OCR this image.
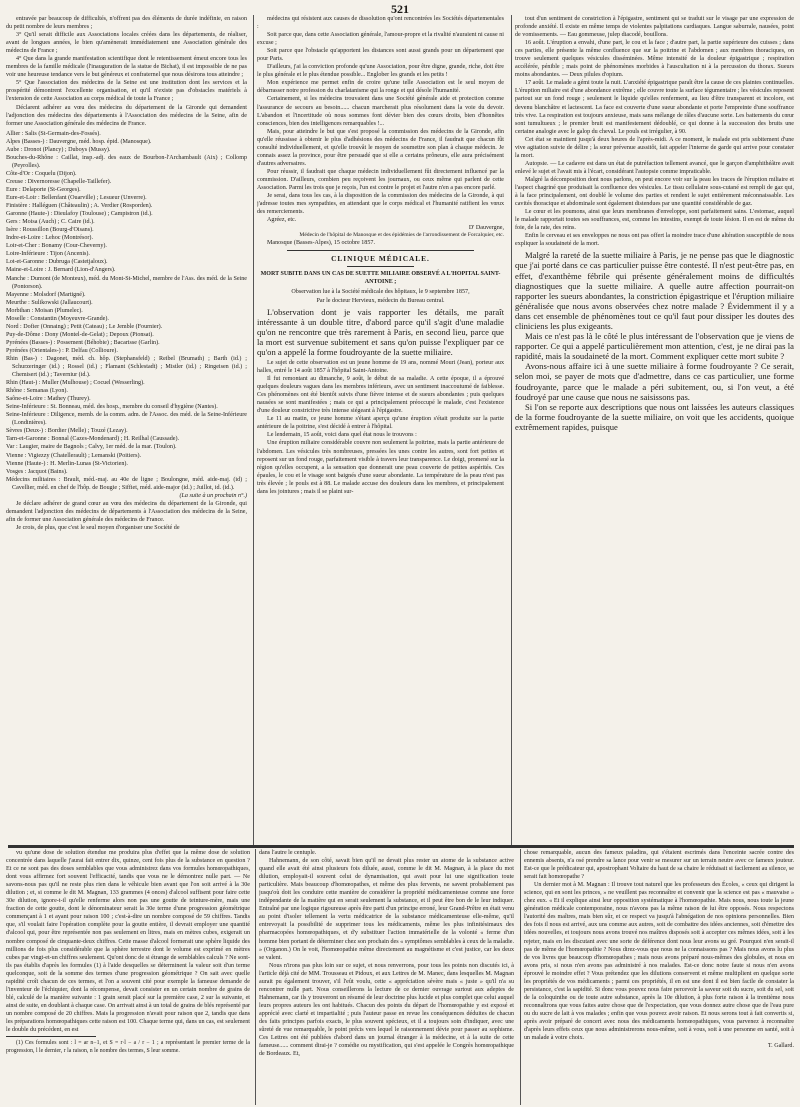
521

entravée par beaucoup de difficultés, n'offrent pas des éléments de durée indéfinie, en raison du petit nombre de leurs membres ;

3° Qu'il serait difficile aux Associations locales créées dans les départements, de réaliser, avant de longues années, le bien qu'amènerait immédiatement une Association générale des médecins de France ;

4° Que dans la grande manifestation scientifique dont le retentissement émeut encore tous les membres de la famille médicale (l'inauguration de la statue de Bichat), il est impossible de ne pas voir une heureuse tendance vers le but généreux et confraternel que nous désirons tous atteindre ;

5° Que l'association des médecins de la Seine est une institution dont les services et la prospérité démontrent l'excellente organisation, et qu'il n'existe pas d'obstacles matériels à l'extension de cette Association au corps médical de toute la France ;

Déclarent adhérer au vœu des médecins du département de la Gironde qui demandent l'adjonction des médecins des départements à l'Association des médecins de la Seine, afin de former une Association générale des médecins de France.

Allier : Salis (St-Germain-des-Fossés).

Alpes (Basses-) : Dauvergne, méd. hosp. épid. (Manosque).

Aube : Dronot (Plancy) ; Duboys (Mussy).

Bouches-du-Rhône : Caillat, insp.-adj. des eaux de Bourbon-l'Archambault (Aix) ; Collomp (Peyrolles).

Côte-d'Or : Coquelu (Dijon).

Creuse : Divernoresse (Chapelle-Taillefer).

Eure : Delaporte (St-Georges).

Eure-et-Loir : Bellenfant (Ouarville) ; Lesueur (Unverre).

Finistère : Halléguen (Châteaulin) ; A. Verdier (Rosporden).

Garonne (Haute-) : Dieulafoy (Toulouse) ; Campistron (id.).

Gers : Moisa (Auch) ; C. Caire (id.).

Isère : Roussillon (Bourg-d'Oisans).

Indre-et-Loire : Lehoc (Montrésor).

Loir-et-Cher : Bonamy (Cour-Cheverny).

Loire-Inférieure : Tijon (Ancenis).

Lot-et-Garonne : Dubruga (Castetjaloux).

Maine-et-Loire : J. Bernard (Lion-d'Angers).

Manche : Dumont (de Monteux), méd. du Mont-St-Michel, membre de l'Ass. des méd. de la Seine (Pontorson).

Mayenne : Molsdorf (Martigné).

Meurthe : Sulikowski (Jallaucourt).

Morbihan : Moisan (Plumelec).

Moselle : Constantin (Moyeuvre-Grande).

Nord : Dofier (Onnaing) ; Petit (Cateau) ; Le Jemble (Fournier).

Puy-de-Dôme : Dony (Montel-de-Gelat) ; Depoux (Pionsat).

Pyrénées (Basses-) : Possement (Béhobie) ; Bacarisse (Garlin).

Pyrénées (Orientales-) : P. Delfau (Collioure).

Rhin (Bas-) : Dagonet, méd. ch. hôp. (Stephansfeld) ; Reibel (Brumath) ; Barth (id.) ; Schurzeringer (id.) ; Rossel (id.) ; Flamant (Schlestadt) ; Mistler (id.) ; Ringeisen (id.) ; Chemisert (id.) ; Taverniur (id.).

Rhin (Haut-) : Muller (Mulhouse) ; Cocuel (Wesserling).

Rhône : Semanas (Lyon).

Saône-et-Loire : Mathey (Thurey).

Seine-Inférieure : St. Bonneau, méd. des hosp., membre du conseil d'hygiène (Nantes).

Seine-Inférieure : Diligence, memb. de la comm. adm. de l'Assoc. des méd. de la Seine-Inférieure (Londinières).

Sèvres (Deux-) : Bordier (Melle) ; Touzé (Lezay).

Tarn-et-Garonne : Bonnal (Cazes-Mondenard) ; H. Reilhal (Caussade).

Var : Laugier, maire de Bagnols ; Calvy, 1er méd. de la mar. (Toulon).

Vienne : Vigiezzy (Chatellerault) ; Lemanski (Poitiers).

Vienne (Haute-) : H. Merlin-Lunas (St-Victorien).

Vosges : Jacquot (Bains).

Médecins militaires : Brault, méd.-maj. au 40e de ligne ; Boulongne, méd. aide-maj. (id) ; Cavellier, méd. en chef de l'hôp. de Bougie ; Siffiet, méd. aide-major (id.) ; Juillot, id. (id.).

(La suite à un prochain n°.)

Je déclare adhérer de grand cœur au vœu des médecins du département de la Gironde, qui demandent l'adjonction des médecins de départements à l'Association des médecins de la Seine, afin de former une Association générale des médecins de France.

Je crois, de plus, que c'est le seul moyen d'organiser une Société de

médecins qui résistent aux causes de dissolution qu'ont rencontrées les Sociétés départementales :

Soit parce que, dans cette Association générale, l'amour-propre et la rivalité n'auraient ni cause ni excuse ;

Soit parce que l'obstacle qu'apportent les distances sont aussi grands pour un département que pour Paris.

D'ailleurs, j'ai la conviction profonde qu'une Association, pour être digne, grande, riche, doit être le plus générale et le plus étendue possible... Englober les grands et les petits !

Mon expérience me permet enfin de croire qu'une telle Association est le seul moyen de débarrasser notre profession du charlatanisme qui la ronge et qui désole l'humanité.

Certainement, si les médecins trouvaient dans une Société générale aide et protection comme l'assurance de secours au besoin...... chacun marcherait plus résolument dans la voie du devoir. L'abandon et l'incertitude où nous sommes font dévier bien des cœurs droits, bien d'honnêtes consciences, bien des intelligences remarquables !...

Mais, pour atteindre le but que s'est proposé la commission des médecins de la Gironde, afin qu'elle réussisse à obtenir le plus d'adhésions des médecins de France, il faudrait que chacun fût consulté individuellement, et qu'elle trouvât le moyen de soumettre son plan à chaque médecin. Je connais assez la province, pour être persuadé que si elle a certains prôneurs, elle aura précisément d'autres adversaires.

Pour réussir, il faudrait que chaque médecin individuellement fût directement influencé par la commission. D'ailleurs, combien peu reçoivent les journaux, ou ceux même qui parlent de cette Association. Parmi les trois que je reçois, l'un est contre le projet et l'autre n'en a pas encore parlé.

Je serai, dans tous les cas, à la disposition de la commission des médecins de la Gironde, à qui j'adresse toutes mes sympathies, en attendant que le corps médical et l'humanité ratifient les vœux des remerciements.

Agréez, etc.

D' Dauvergne,

Médecin de l'hôpital de Manosque et des épidémies de l'arrondissement de Forcalquier, etc.

Manosque (Basses-Alpes), 15 octobre 1857.

CLINIQUE MÉDICALE.
MORT SUBITE DANS UN CAS DE SUETTE MILIAIRE OBSERVÉ A L'HOPITAL SAINT-ANTOINE ;

Observation lue à la Société médicale des hôpitaux, le 9 septembre 1857,

Par le docteur Hervieux, médecin du Bureau central.

L'observation dont je vais rapporter les détails, me paraît intéressante à un double titre, d'abord parce qu'il s'agit d'une maladie qu'on ne rencontre que très rarement à Paris, en second lieu, parce que la mort est survenue subitement et sans qu'on puisse l'expliquer par ce qu'on a appelé la forme foudroyante de la suette miliaire.

Le sujet de cette observation est un jeune homme de 19 ans, nommé Mouri (Jean), porteur aux halles, entré le 14 août 1857 à l'hôpital Saint-Antoine.

Il fut remontant au dimanche, 9 août, le début de sa maladie. A cette époque, il a éprouvé quelques douleurs vagues dans les membres inférieurs, avec un sentiment inaccoutumé de faiblesse. Ces phénomènes ont été bientôt suivis d'une fièvre intense et de sueurs abondantes ; puis quelques nausées se sont manifestées ; mais ce qui a principalement préoccupé le malade, c'est l'existence d'une douleur constrictive très intense siégeant à l'épigastre.

Le 11 au matin, ce jeune homme s'étant aperçu qu'une éruption s'était produite sur la partie antérieure de la poitrine, s'est décidé à entrer à l'hôpital.

Le lendemain, 15 août, voici dans quel état nous le trouvons :

Une éruption miliaire considérable couvre non seulement la poitrine, mais la partie antérieure de l'abdomen. Les vésicules très nombreuses, pressées les unes contre les autres, sont fort petites et reposent sur un fond rouge, parfaitement visible à travers leur transparence. Le doigt, promené sur la région qu'elles occupent, a la sensation que donnerait une peau couverte de petites aspérités. Ces épaules, le cou et le visage sont baignés d'une sueur abondante. La température de la peau n'est pas très élevée ; le pouls est à 88. Le malade accuse des douleurs dans les membres, et principalement dans les jointures ; mais il se plaint sur-

tout d'un sentiment de constriction à l'épigastre, sentiment qui se traduit sur le visage par une expression de profonde anxiété. Il existe en même temps de violentes palpitations cardiaques. Langue saburrale, nausées, point de vomissements. — Eau gommeuse, julep diacodé, bouillons.

16 août. L'éruption a envahi, d'une part, le cou et la face ; d'autre part, la partie supérieure des cuisses ; dans ces parties, elle présente la même confluence que sur la poitrine et l'abdomen ; aux membres thoraciques, on trouve seulement quelques vésicules disséminées. Même intensité de la douleur épigastrique ; respiration accélérée, pénible ; mais point de phénomènes morbides à l'auscultation ni à la percussion du thorax. Sueurs moins abondantes. — Deux pilules d'opium.

17 août. Le malade a gémi toute la nuit. L'anxiété épigastrique paraît être la cause de ces plaintes continuelles. L'éruption miliaire est d'une abondance extrême ; elle couvre toute la surface tégumentaire ; les vésicules reposent partout sur un fond rouge ; seulement le liquide qu'elles renferment, au lieu d'être transparent et incolore, est devenu blanchâtre et lactescent. La face est couverte d'une sueur abondante et porte l'empreinte d'une souffrance très vive. La respiration est toujours anxieuse, mais sans mélange de râles d'aucune sorte. Les battements du cœur sont tumultueux ; le premier bruit est manifestement dédoublé, ce qui donne à la succession des bruits une certaine analogie avec le galop du cheval. Le pouls est irrégulier, à 90.

Cet état se maintient jusqu'à deux heures de l'après-midi. A ce moment, le malade est pris subitement d'une vive agitation suivie de délire ; la sœur prévenue aussitôt, fait appeler l'interne de garde qui arrive pour constater la mort.

Autopsie. — Le cadavre est dans un état de putréfaction tellement avancé, que le garçon d'amphithéâtre avait enlevé le sujet et l'avait mis à l'écart, considérant l'autopsie comme impraticable.

Malgré la décomposition dont nous parlons, on peut encore voir sur la peau les traces de l'éruption miliaire et l'aspect chagriné que produisait la confluence des vésicules. Le tissu cellulaire sous-cutané est rempli de gaz qui, à la face principalement, ont doublé le volume des parties et rendent le sujet entièrement méconnaissable. Les cavités thoracique et abdominale sont également distendues par une quantité considérable de gaz.

Le cœur et les poumons, ainsi que leurs membranes d'enveloppe, sont parfaitement sains. L'estomac, auquel le malade rapportait toutes ses souffrances, est, comme les intestins, exempt de toute lésion. Il en est de même du foie, de la rate, des reins.

Enfin le cerveau et ses enveloppes ne nous ont pas offert la moindre trace d'une altération susceptible de nous expliquer la soudaineté de la mort.

Malgré la rareté de la suette miliaire à Paris, je ne pense pas que le diagnostic que j'ai porté dans ce cas particulier puisse être contesté. Il n'est peut-être pas, en effet, d'exanthème fébrile qui présente généralement moins de difficultés diagnostiques que la suette miliaire. A quelle autre affection pourrait-on rapporter les sueurs abondantes, la constriction épigastrique et l'éruption miliaire généralisée que nous avons observées chez notre malade ? Évidemment il y a dans cet ensemble de phénomènes tout ce qu'il faut pour dissiper les doutes des cliniciens les plus exigeants.

Mais ce n'est pas là le côté le plus intéressant de l'observation que je viens de rapporter. Ce qui a appelé particulièrement mon attention, c'est, je ne dirai pas la rapidité, mais la soudaineté de la mort. Comment expliquer cette mort subite ?

Avons-nous affaire ici à une suette miliaire à forme foudroyante ? Ce serait, selon moi, se payer de mots que d'admettre, dans ce cas particulier, une forme foudroyante, parce que le malade a péri subitement, ou, si l'on veut, a été foudroyé par une cause que nous ne saisissons pas.

Si l'on se reporte aux descriptions que nous ont laissées les auteurs classiques de la forme foudroyante de la suette miliaire, on voit que les accidents, quoique extrêmement rapides, puisque

vu qu'une dose de solution étendue me produira plus d'effet que la même dose de solution concentrée dans laquelle j'aurai fait entrer dix, quinze, cent fois plus de la substance en question ? Et ce ne sont pas des doses semblables que vous administrez dans vos formules homœopathiques, dont vous affirmez fort souvent l'efficacité, tandis que vous ne le démontrez nulle part. — Ne savons-nous pas qu'il ne reste plus rien dans le véhicule bien avant que l'on soit arrivé à la 30e dilution ; et, si comme le dit M. Magnan, 133 grammes (4 onces) d'alcool suffisent pour faire cette 30e dilution, ignore-t-il qu'elle renferme alors non pas une goutte de teinture-mère, mais une fraction de cette goutte, dont le dénominateur serait la 30e terme d'une progression géométrique commençant à 1 et ayant pour raison 100 ; c'est-à-dire un nombre composé de 59 chiffres. Tandis que, s'il voulait faire l'opération complète pour la goutte entière, il devrait employer une quantité d'alcool qui, pour être représentée non pas seulement en litres, mais en mètres cubes, exigerait un nombre composé de cinquante-deux chiffres. Cette masse d'alcool formerait une sphère liquide des millions de fois plus considérable que la sphère terrestre dont le volume est exprimé en mètres cubes par vingt-et-un chiffres seulement. Qu'ont donc de si étrange de semblables calculs ? Ne sont-ils pas établis d'après les formules (1) à l'aide desquelles se déterminent la valeur soit d'un terme quelconque, soit de la somme des termes d'une progression géométrique ? On sait avec quelle rapidité croît chacun de ces termes, et l'on a souvent cité pour exemple la fameuse demande de l'inventeur de l'échiquier, dont la récompense, devait consister en un certain nombre de grains de blé, calculé de la manière suivante : 1 grain serait placé sur la première case, 2 sur la suivante, et ainsi de suite, en doublant à chaque case. On arrivait ainsi à un total de grains de blés représenté par un nombre composé de 20 chiffres. Mais la progression n'avait pour raison que 2, tandis que dans les préparations homœopathiques cette raison est 100. Chaque terme qui, dans un cas, est seulement le double du précédent, en est

(1) Ces formules sont : l = ar n−1, et S = r·l − a / r − 1 ; a représentant le premier terme de la progression, l le dernier, r la raison, n le nombre des termes, S leur somme.

dans l'autre le centuple.

Hahnemann, de son côté, savait bien qu'il ne devait plus rester un atome de la substance active quand elle avait été ainsi plusieurs fois diluée, aussi, comme le dit M. Magnan, à la place du mot dilution, employait-il souvent celui de dynamisation, qui avait pour lui une signification toute particulière. Mais beaucoup d'homœopathes, et même des plus fervents, ne savent probablement pas jusqu'où doit les conduire cette manière de considérer la propriété médicamenteuse comme une force indépendante de la matière qui en serait seulement la substance, et il peut être bon de le leur indiquer. Entraîné par une logique rigoureuse après être parti d'un principe erroné, leur Grand-Prêtre en était venu au point d'isoler tellement la vertu médicatrice de la substance médicamenteuse elle-même, qu'il entrevoyait la possibilité de supprimer tous les médicaments, même les plus infinitésimaux des pharmacopées homœopathiques, et d'y substituer l'action immatérielle de la volonté « ferme d'un homme bien portant de déterminer chez son prochain des « symptômes semblables à ceux de la maladie. » (Organon.) On le voit, l'homœopathie même directement au magnétisme et c'est justice, car les deux se valent.

Nous n'irons pas plus loin sur ce sujet, et nous renverrons, pour tous les points non discutés ici, à l'article déjà cité de MM. Trousseau et Pidoux, et aux Lettres de M. Manec, dans lesquelles M. Magnan aurait pu également trouver, s'il l'eût voulu, cette « appréciation sévère mais « juste » qu'il n'a su rencontrer nulle part. Nous conseillerons la lecture de ce dernier ouvrage surtout aux adeptes de Hahnemann, car ils y trouveront un résumé de leur doctrine plus lucide et plus complet que celui auquel leurs propres auteurs les ont habitués. Chacun des points du départ de l'homœopathie y est exposé et apprécié avec clarté et impartialité ; puis l'auteur passe en revue les conséquences déduites de chacun des faits principes parfois exacts, le plus souvent spécieux, et il a toujours soin d'indiquer, avec une sûreté de vue remarquable, le point précis vers lequel le raisonnement dévie pour passer au sophisme. Ces Lettres ont été publiées d'abord dans un journal étranger à la médecine, et à la suite de cette fameuse...... comment dirai-je ? comédie ou mystification, qui s'est appelée le Congrès homœopathique de Bordeaux. Et,

chose remarquable, aucun des fameux paladins, qui s'étaient escrimés dans l'enceinte sacrée contre des ennemis absents, n'a osé prendre sa lance pour venir se mesurer sur un terrain neutre avec ce fameux jouteur. Est-ce que le prédicateur qui, apostrophant Voltaire du haut de sa chaire le réduisait si facilement au silence, se serait fait homœopathe ?

Un dernier mot à M. Magnan : Il trouve tout naturel que les professeurs des Écoles, « ceux qui dirigent la science, qui en sont les princes, » ne veuillent pas reconnaître et convenir que la science est pas « mauvaise » chez eux. « Et il explique ainsi leur opposition systématique à l'homœopathie. Mais nous, nous toute la jeune génération médicale contemporaine, nous n'avons pas la même raison de lui être opposés. Nous respectons l'autorité des maîtres, mais bien sûr, et ce respect va jusqu'à l'abnégation de nos opinions personnelles. Bien des fois il nous est arrivé, aux uns comme aux autres, soit de combattre des idées anciennes, soit d'émettre des idées nouvelles, et toujours nous avons trouvé nos maîtres disposés soit à accepter ces mêmes idées, soit à les rejeter, mais en les discutant avec une sorte de déférence dont nous leur avons su gré. Pourquoi n'en serait-il pas de même de l'homœopathie ? Nous direz-vous que nous ne la connaissons pas ? Mais nous avons lu plus de vos livres que beaucoup d'homœopathes ; mais nous avons préparé nous-mêmes des globules, et nous en avons pris, si nous n'en avons pas administré à nos malades. Est-ce donc notre faute si nous n'en avons éprouvé le moindre effet ? Vous prétendez que les dilutions conservent et même multiplient en quelque sorte les propriétés de vos médicaments ; parmi ces propriétés, il en est une dont il est bien facile de constater la persistance, c'est la sapidité. Si donc vous pouvez nous faire percevoir la saveur soit du sucre, soit du sel, soit de la coloquinthe ou de toute autre substance, après la 10e dilution, à plus forte raison à la trentième nous reconnaîtrons que vous faites autre chose que de l'expectation, que vous donnez autre chose que de l'eau pure ou du sucre de lait à vos malades ; enfin que vous pouvez avoir raison. Et nous serons tout à fait convertis si, après avoir préparé de concert avec nous des médicaments homœopathiques, vous parvenez à reconnaître d'après leurs effets ceux que nous administrerons nous-même, soit à vous, soit à une personne en santé, soit à un malade à votre choix.

T. Gallard.
